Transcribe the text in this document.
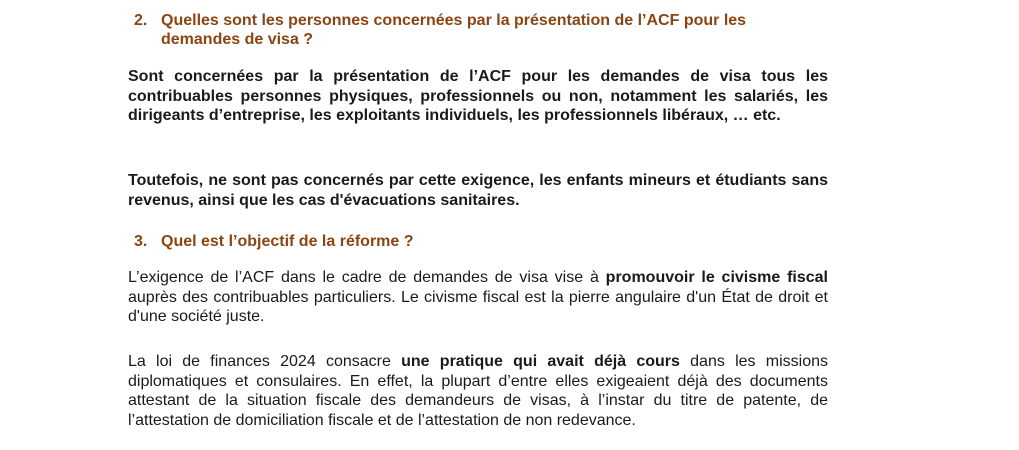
2. Quelles sont les personnes concernées par la présentation de l’ACF pour les
demandes de visa ?

Sont concernées par la présentation de l’ACF pour les demandes de visa tous les contribuables personnes physiques, professionnels ou non, notamment les salariés, les dirigeants d’entreprise, les exploitants individuels, les professionnels libéraux, … etc.

Toutefois, ne sont pas concernés par cette exigence, les enfants mineurs et étudiants sans revenus, ainsi que les cas d'évacuations sanitaires.

3. Quel est l’objectif de la réforme ?

L’exigence de l’ACF dans le cadre de demandes de visa vise à promouvoir le civisme fiscal auprès des contribuables particuliers. Le civisme fiscal est la pierre angulaire d'un État de droit et d'une société juste.

La loi de finances 2024 consacre une pratique qui avait déjà cours dans les missions diplomatiques et consulaires. En effet, la plupart d’entre elles exigeaient déjà des documents attestant de la situation fiscale des demandeurs de visas, à l’instar du titre de patente, de l’attestation de domiciliation fiscale et de l’attestation de non redevance.
